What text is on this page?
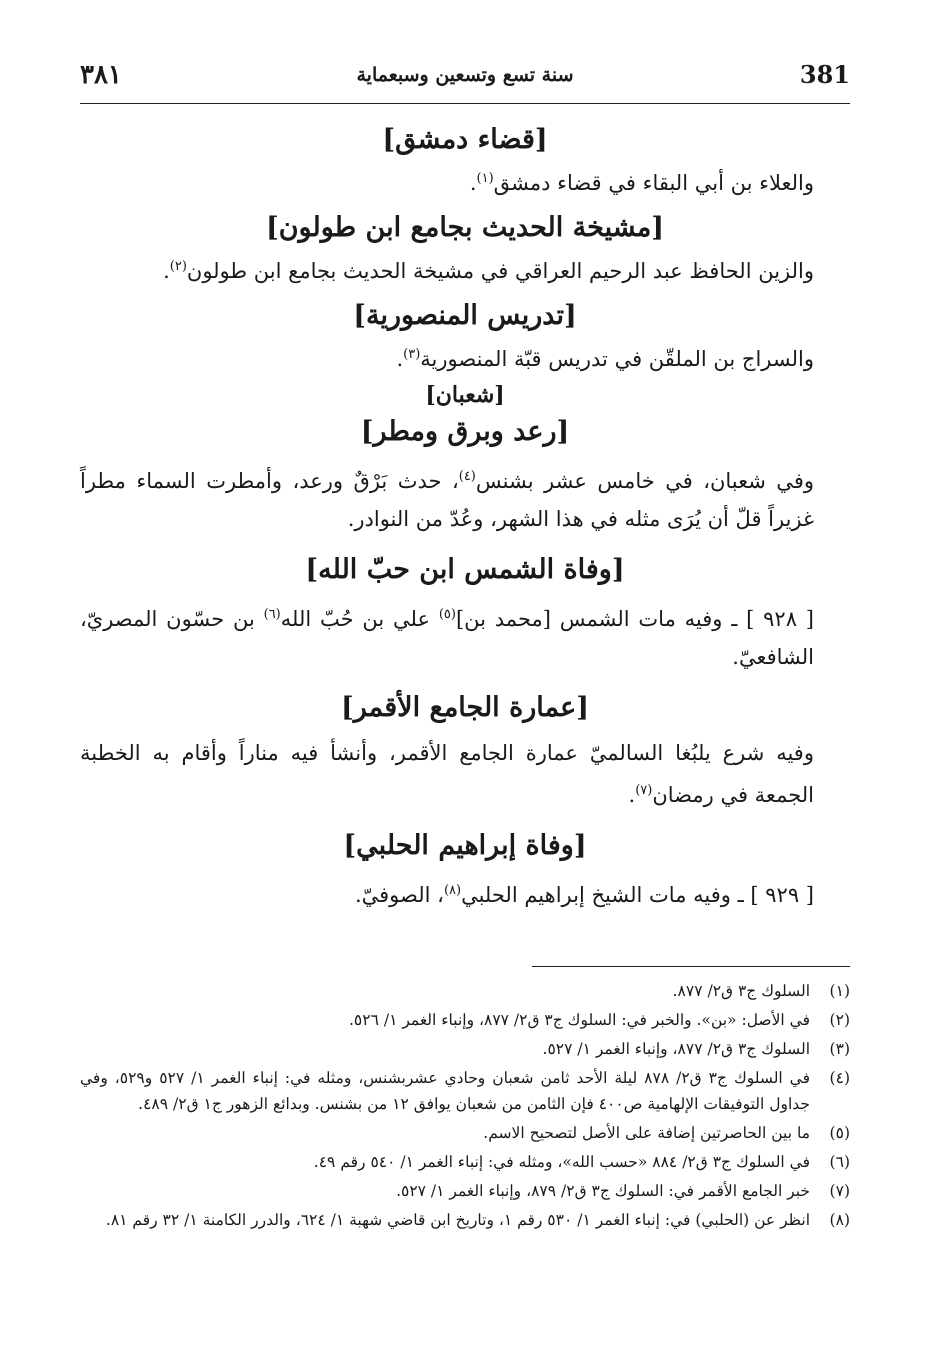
381
سنة تسع وتسعين وسبعماية
٣٨١
[قضاء دمشق]

والعلاء بن أبي البقاء في قضاء دمشق$^{(١)}$.

[مشيخة الحديث بجامع ابن طولون]

والزين الحافظ عبد الرحيم العراقي في مشيخة الحديث بجامع ابن طولون$^{(٢)}$.

[تدريس المنصورية]

والسراج بن الملقّن في تدريس قبّة المنصورية$^{(٣)}$.

[شعبان]
[رعد وبرق ومطر]

وفي شعبان، في خامس عشر بشنس$^{(٤)}$، حدث بَرْقٌ ورعد، وأمطرت السماء مطراً غزيراً قلّ أن يُرَى مثله في هذا الشهر، وعُدّ من النوادر.

[وفاة الشمس ابن حبّ الله]

[ ٩٢٨ ] ـ وفيه مات الشمس [محمد بن]$^{(٥)}$ علي بن حُبّ الله$^{(٦)}$ بن حسّون المصريّ، الشافعيّ.

[عمارة الجامع الأقمر]

وفيه شرع يلبُغا السالميّ عمارة الجامع الأقمر، وأنشأ فيه مناراً وأقام به الخطبة الجمعة في رمضان$^{(٧)}$.

[وفاة إبراهيم الحلبي]

[ ٩٢٩ ] ـ وفيه مات الشيخ إبراهيم الحلبي$^{(٨)}$، الصوفيّ.

(١)
السلوك ج٣ ق٢/ ٨٧٧.

(٢)
في الأصل: «بن». والخبر في: السلوك ج٣ ق٢/ ٨٧٧، وإنباء الغمر ١/ ٥٢٦.

(٣)
السلوك ج٣ ق٢/ ٨٧٧، وإنباء الغمر ١/ ٥٢٧.

(٤)
في السلوك ج٣ ق٢/ ٨٧٨ ليلة الأحد ثامن شعبان وحادي عشربشنس، ومثله في: إنباء الغمر ١/ ٥٢٧ و٥٢٩، وفي جداول التوفيقات الإلهامية ص٤٠٠ فإن الثامن من شعبان يوافق ١٢ من بشنس. وبدائع الزهور ج١ ق٢/ ٤٨٩.

(٥)
ما بين الحاصرتين إضافة على الأصل لتصحيح الاسم.

(٦)
في السلوك ج٣ ق٢/ ٨٨٤ «حسب الله»، ومثله في: إنباء الغمر ١/ ٥٤٠ رقم ٤٩.

(٧)
خبر الجامع الأقمر في: السلوك ج٣ ق٢/ ٨٧٩، وإنباء الغمر ١/ ٥٢٧.

(٨)
انظر عن (الحلبي) في: إنباء الغمر ١/ ٥٣٠ رقم ١، وتاريخ ابن قاضي شهبة ١/ ٦٢٤، والدرر الكامنة ١/ ٣٢ رقم ٨١.
